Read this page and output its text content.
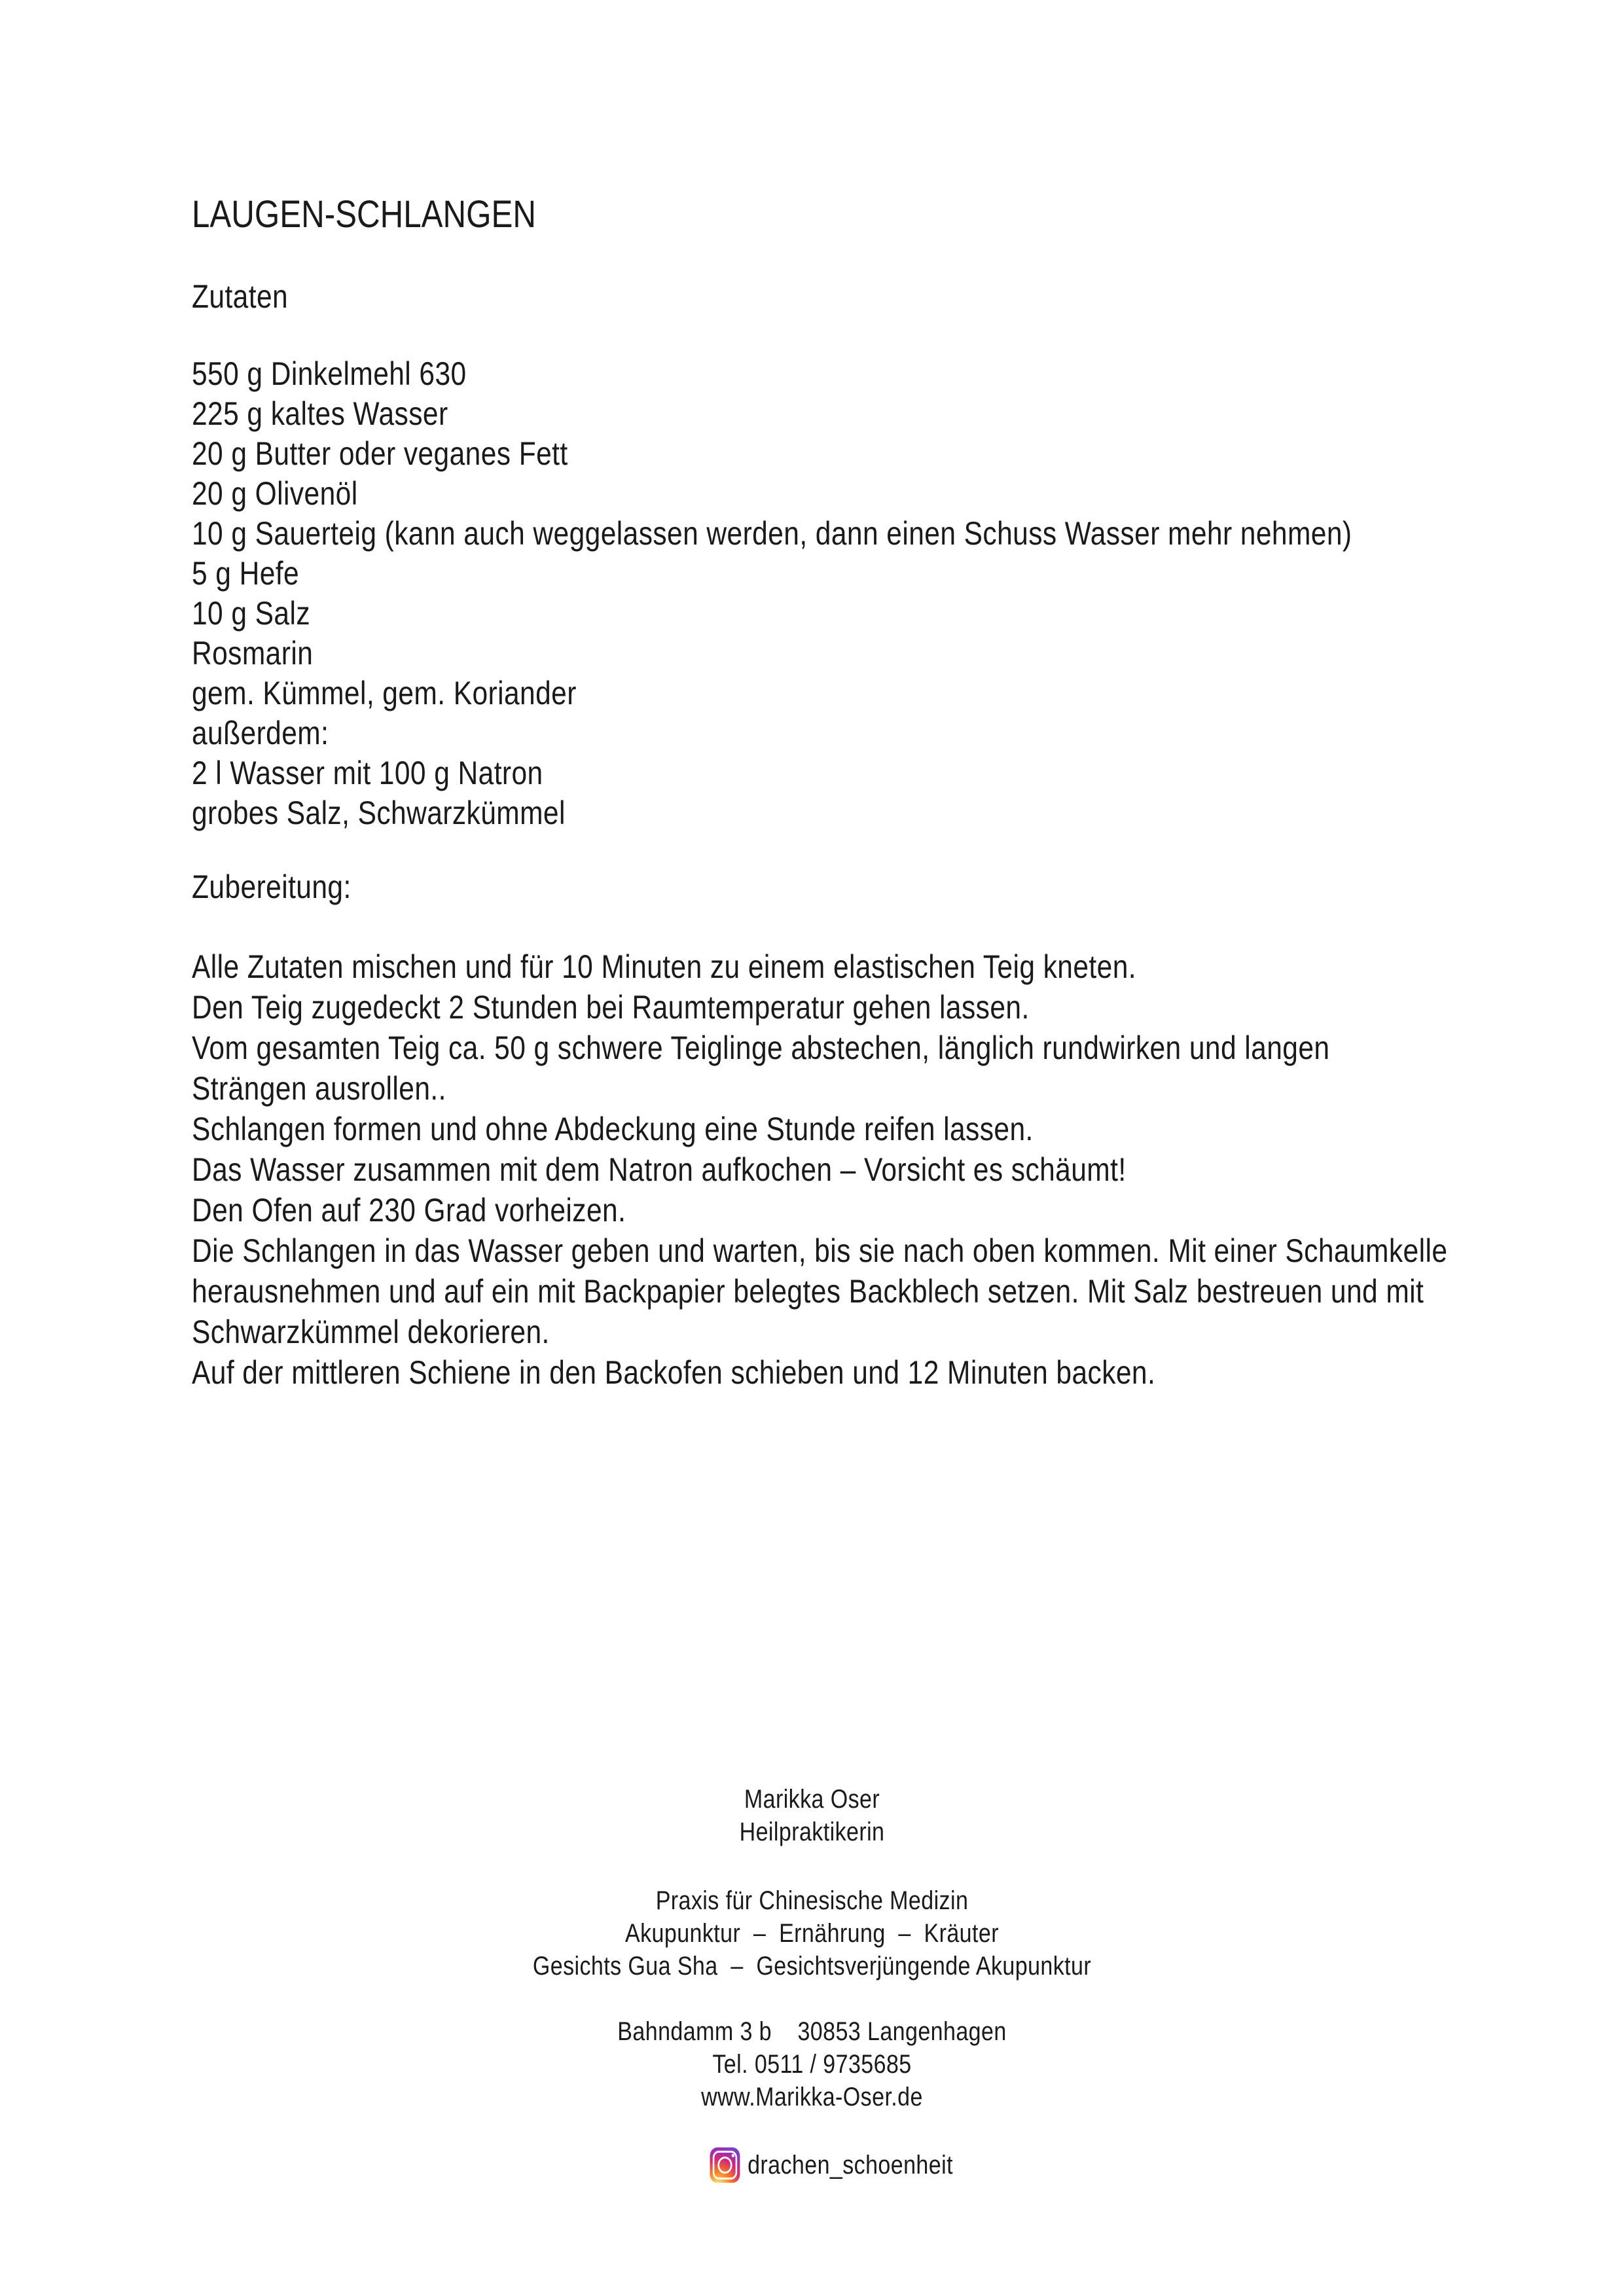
LAUGEN-SCHLANGEN
Zutaten
550 g Dinkelmehl 630
225 g kaltes Wasser
20 g Butter oder veganes Fett
20 g Olivenöl
10 g Sauerteig (kann auch weggelassen werden, dann einen Schuss Wasser mehr nehmen)
5 g Hefe
10 g Salz
Rosmarin
gem. Kümmel, gem. Koriander
außerdem:
2 l Wasser mit 100 g Natron
grobes Salz, Schwarzkümmel
Zubereitung:
Alle Zutaten mischen und für 10 Minuten zu einem elastischen Teig kneten.
Den Teig zugedeckt 2 Stunden bei Raumtemperatur gehen lassen.
Vom gesamten Teig ca. 50 g schwere Teiglinge abstechen, länglich rundwirken und langen
Strängen ausrollen..
Schlangen formen und ohne Abdeckung eine Stunde reifen lassen.
Das Wasser zusammen mit dem Natron aufkochen – Vorsicht es schäumt!
Den Ofen auf 230 Grad vorheizen.
Die Schlangen in das Wasser geben und warten, bis sie nach oben kommen. Mit einer Schaumkelle
herausnehmen und auf ein mit Backpapier belegtes Backblech setzen. Mit Salz bestreuen und mit
Schwarzkümmel dekorieren.
Auf der mittleren Schiene in den Backofen schieben und 12 Minuten backen.
Marikka Oser
Heilpraktikerin
Praxis für Chinesische Medizin
Akupunktur  –  Ernährung  –  Kräuter
Gesichts Gua Sha  –  Gesichtsverjüngende Akupunktur
Bahndamm 3 b    30853 Langenhagen
Tel. 0511 / 9735685
www.Marikka-Oser.de

drachen_schoenheit
